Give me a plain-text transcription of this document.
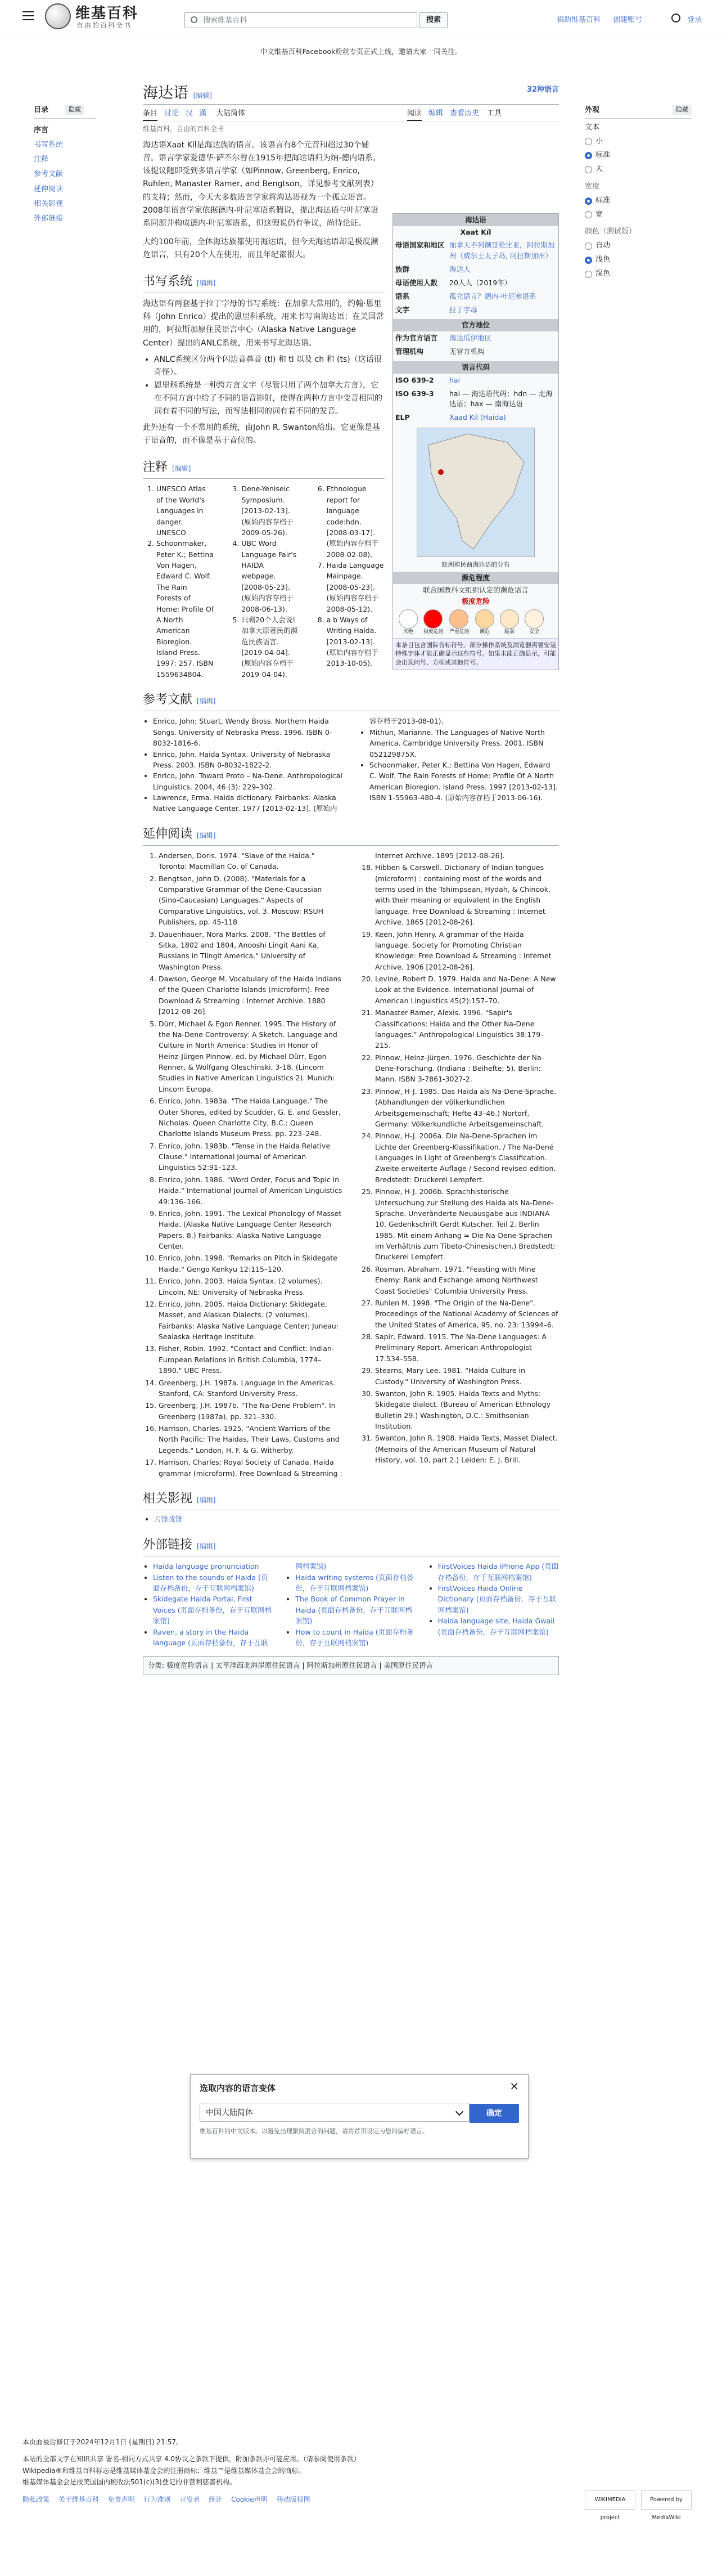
维基百科
自由的百科全书
搜索维基百科	搜索	捐助维基百科 创建账号	登录
中文维基百科Facebook粉丝专页正式上线，邀请大家一同关注。
目录	隐藏
序言
书写系统
注释
参考文献
延伸阅读
相关影视
外部链接
海达语 [编辑]
32种语言
条目 讨论 汉 漢 大陆简体	阅读 编辑 查看历史 工具
维基百科，自由的百科全书

海达语Xaat Kíl是海达族的语言。该语言有8个元音和超过30个辅音。语言学家爱德华·萨丕尔曾在1915年把海达语归为纳-德内语系，该提议随即受到多语言学家（如Pinnow, Greenberg, Enrico, Ruhlen, Manaster Ramer, and Bengtson，详见参考文献列表）的支持；然而，今天大多数语言学家将海达语视为一个孤立语言。2008年语言学家依据德内-叶尼塞语系假说，提出海达语与叶尼塞语系同源并构成德内-叶尼塞语系，但这假说仍有争议，尚待论证。

大约100年前，全体海达族都使用海达语，但今天海达语却是极度濒危语言，只有20个人在使用，而且年纪都很大。

书写系统 [编辑]

海达语有两套基于拉丁字母的书写系统：在加拿大常用的，约翰·恩里科（John Enrico）提出的恩里科系统，用来书写南海达语；在美国常用的，阿拉斯加原住民语言中心（Alaska Native Language Center）提出的ANLC系统，用来书写北海达语。

• ANLC系统区分两个闪边音鼻音 (tl) 和 tl 以及 ch 和 (ts)（这话很奇怪）。
• 恩里科系统是一种跨方言文字（尽管只用了两个加拿大方言），它在不同方言中给了不同的语音影射，使得在两种方言中变音相同的词有着不同的写法，而写法相同的词有着不同的发音。

此外还有一个不常用的系统，由John R. Swanton给出。它更像是基于语音的，而不像是基于音位的。

注释 [编辑]
海达语
Xaat Kíl
母语国家和地区 加拿大不列颠哥伦比亚，阿拉斯加州（威尔士太子岛, 阿拉斯加州）
族群	海达人
母语使用人数	20人人（2019年）
语系	孤立语言？德内-叶尼塞语系
文字	拉丁字母
官方地位
作为官方语言	海达瓜伊地区
管理机构	无官方机构
语言代码
ISO 639-2	hai
ISO 639-3	hai — 海达语代码；hdn — 北海达语；hax — 南海达语
ELP	Xaad Kil (Haida)
欧洲殖民前海达语的分布
濒危程度
联合国教科文组织认定的濒危语言
极度危险
灭绝	极度危险 严重危险	濒危	脆弱	安全
本条目包含国际音标符号。部分操作系统及浏览器需要安装特殊字体才能正确显示这些符号。如果未能正确显示，可能会出现问号、方框或其他符号。
1. UNESCO Atlas of the World's Languages in danger. UNESCO
2. Schoonmaker, Peter K.; Bettina Von Hagen, Edward C. Wolf. The Rain Forests of Home: Profile Of A North American Bioregion. Island Press. 1997: 257. ISBN 1559634804.
3. Dene-Yeniseic Symposium. [2013-02-13]. (原始内容存档于2009-05-26).
4. UBC Word Language Fair's HAIDA webpage. [2008-05-23]. (原始内容存档于2008-06-13).
5. 只剩20个人会说! 加拿大原著民的濒危民族语言. [2019-04-04]. (原始内容存档于2019-04-04).
6. Ethnologue report for language code:hdn. [2008-03-17]. (原始内容存档于2008-02-08).
7. Haida Language Mainpage. [2008-05-23]. (原始内容存档于2008-05-12).
8. a b Ways of Writing Haida. [2013-02-13]. (原始内容存档于2013-10-05).
参考文献 [编辑]
• Enrico, John; Stuart, Wendy Bross. Northern Haida Songs. University of Nebraska Press. 1996. ISBN 0-8032-1816-6.
• Enrico, John. Haida Syntax. University of Nebraska Press. 2003. ISBN 0-8032-1822-2.
• Enrico, John. Toward Proto – Na-Dene. Anthropological Linguistics. 2004, 46 (3): 229–302.
• Lawrence, Erma. Haida dictionary. Fairbanks: Alaska Native Language Center. 1977 [2013-02-13]. (原始内容存档于2013-08-01).
• Mithun, Marianne. The Languages of Native North America. Cambridge University Press. 2001. ISBN 052129875X.
• Schoonmaker, Peter K.; Bettina Von Hagen, Edward C. Wolf. The Rain Forests of Home: Profile Of A North American Bioregion. Island Press. 1997 [2013-02-13]. ISBN 1-55963-480-4. (原始内容存档于2013-06-16).
延伸阅读 [编辑]
1. Andersen, Doris. 1974. "Slave of the Haida." Toronto: Macmillan Co. of Canada.
2. Bengtson, John D. (2008). "Materials for a Comparative Grammar of the Dene-Caucasian (Sino-Caucasian) Languages." Aspects of Comparative Linguistics, vol. 3. Moscow: RSUH Publishers, pp. 45-118
3. Dauenhauer, Nora Marks. 2008. "The Battles of Sitka, 1802 and 1804, Anooshi Lingit Aani Ka, Russians in Tlingit America." University of Washington Press.
4. Dawson, George M. Vocabulary of the Haida Indians of the Queen Charlotte Islands (microform). Free Download & Streaming : Internet Archive. 1880 [2012-08-26].
5. Dürr, Michael & Egon Renner. 1995. The History of the Na-Dene Controversy: A Sketch. Language and Culture in North America: Studies in Honor of Heinz-Jürgen Pinnow, ed. by Michael Dürr, Egon Renner, & Wolfgang Oleschinski, 3-18. (Lincom Studies in Native American Linguistics 2). Munich: Lincom Europa.
6. Enrico, John. 1983a. "The Haida Language." The Outer Shores, edited by Scudder, G. E. and Gessler, Nicholas. Queen Charlotte City, B.C.: Queen Charlotte Islands Museum Press. pp. 223–248.
7. Enrico, John. 1983b. "Tense in the Haida Relative Clause." International Journal of American Linguistics 52:91–123.
8. Enrico, John. 1986. "Word Order, Focus and Topic in Haida." International Journal of American Linguistics 49:136–166.
9. Enrico, John. 1991. The Lexical Phonology of Masset Haida. (Alaska Native Language Center Research Papers, 8.) Fairbanks: Alaska Native Language Center.
10. Enrico, John. 1998. "Remarks on Pitch in Skidegate Haida." Gengo Kenkyu 12:115–120.
11. Enrico, John. 2003. Haida Syntax. (2 volumes). Lincoln, NE: University of Nebraska Press.
12. Enrico, John. 2005. Haida Dictionary: Skidegate, Masset, and Alaskan Dialects. (2 volumes). Fairbanks: Alaska Native Language Center; Juneau: Sealaska Heritage Institute.
13. Fisher, Robin. 1992. "Contact and Conflict: Indian-European Relations in British Columbia, 1774–1890." UBC Press.
14. Greenberg, J.H. 1987a. Language in the Americas. Stanford, CA: Stanford University Press.
15. Greenberg, J.H. 1987b. "The Na-Dene Problem". In Greenberg (1987a), pp. 321–330.
16. Harrison, Charles. 1925. "Ancient Warriors of the North Pacific: The Haidas, Their Laws, Customs and Legends." London, H. F. & G. Witherby.
17. Harrison, Charles; Royal Society of Canada. Haida grammar (microform). Free Download & Streaming : Internet Archive. 1895 [2012-08-26].
18. Hibben & Carswell. Dictionary of Indian tongues (microform) : containing most of the words and terms used in the Tshimpsean, Hydah, & Chinook, with their meaning or equivalent in the English language. Free Download & Streaming : Internet Archive. 1865 [2012-08-26].
19. Keen, John Henry. A grammar of the Haida language. Society for Promoting Christian Knowledge: Free Download & Streaming : Internet Archive. 1906 [2012-08-26].
20. Levine, Robert D. 1979. Haida and Na-Dene: A New Look at the Evidence. International Journal of American Linguistics 45(2):157–70.
21. Manaster Ramer, Alexis. 1996. "Sapir's Classifications: Haida and the Other Na-Dene languages." Anthropological Linguistics 38:179–215.
22. Pinnow, Heinz-Jürgen. 1976. Geschichte der Na-Dene-Forschung. (Indiana : Beihefte; 5). Berlin: Mann. ISBN 3-7861-3027-2.
23. Pinnow, H-J. 1985. Das Haida als Na-Dene-Sprache. (Abhandlungen der völkerkundlichen Arbeitsgemeinschaft; Hefte 43–46.) Nortorf, Germany: Völkerkundliche Arbeitsgemeinschaft.
24. Pinnow, H-J. 2006a. Die Na-Dene-Sprachen im Lichte der Greenberg-Klassifikation. / The Na-Dené Languages in Light of Greenberg's Classification. Zweite erweiterte Auflage / Second revised edition. Bredstedt: Druckerei Lempfert.
25. Pinnow, H-J. 2006b. Sprachhistorische Untersuchung zur Stellung des Haida als Na-Dene-Sprache. Unveränderte Neuausgabe aus INDIANA 10, Gedenkschrift Gerdt Kutscher. Teil 2. Berlin 1985. Mit einem Anhang = Die Na-Dene-Sprachen im Verhältnis zum Tibeto-Chinesischen.) Bredstedt: Druckerei Lempfert.
26. Rosman, Abraham. 1971. "Feasting with Mine Enemy: Rank and Exchange among Northwest Coast Societies" Columbia University Press.
27. Ruhlen M. 1998. "The Origin of the Na-Dene". Proceedings of the National Academy of Sciences of the United States of America, 95, no. 23: 13994–6.
28. Sapir, Edward. 1915. The Na-Dene Languages: A Preliminary Report. American Anthropologist 17.534–558.
29. Stearns, Mary Lee. 1981. "Haida Culture in Custody." University of Washington Press.
30. Swanton, John R. 1905. Haida Texts and Myths: Skidegate dialect. (Bureau of American Ethnology Bulletin 29.) Washington, D.C.: Smithsonian Institution.
31. Swanton, John R. 1908. Haida Texts, Masset Dialect. (Memoirs of the American Museum of Natural History, vol. 10, part 2.) Leiden: E. J. Brill.
相关影视 [编辑]
• 刀锋战锋
外部链接 [编辑]
• Haida language pronunciation
• Listen to the sounds of Haida (页面存档备份，存于互联网档案馆)
• Skidegate Haida Portal, First Voices (页面存档备份，存于互联网档案馆)
• Raven, a story in the Haida language (页面存档备份，存于互联网档案馆)
• Haida writing systems (页面存档备份，存于互联网档案馆)
• The Book of Common Prayer in Haida (页面存档备份，存于互联网档案馆)
• How to count in Haida (页面存档备份，存于互联网档案馆)
• FirstVoices Haida iPhone App (页面存档备份，存于互联网档案馆)
• FirstVoices Haida Online Dictionary (页面存档备份，存于互联网档案馆)
• Haida language site, Haida Gwaii (页面存档备份，存于互联网档案馆)
分类: 极度危险语言 | 太平洋西北海岸原住民语言 | 阿拉斯加州原住民语言 | 美国原住民语言
外观	隐藏
文本
小
标准
大
宽度
标准
宽
颜色（测试版）
自动
浅色
深色
选取内容的语言变体	×
中国大陆简体	确定
维基百科的中文版本。以避免出现繁简混合的问题，请将首页设定为您的偏好语言。
本页面最后修订于2024年12月1日 (星期日) 21:57。
本站的全部文字在知识共享 署名-相同方式共享 4.0协议之条款下提供，附加条款亦可能应用。（请参阅使用条款）
Wikipedia®和维基百科标志是维基媒体基金会的注册商标；维基™是维基媒体基金会的商标。
维基媒体基金会是按美国国内税收法501(c)(3)登记的非营利慈善机构。
隐私政策 关于维基百科 免责声明 行为准则 开发者 统计 Cookie声明 移动版视图	WIKIMEDIA project
Powered by MediaWiki
